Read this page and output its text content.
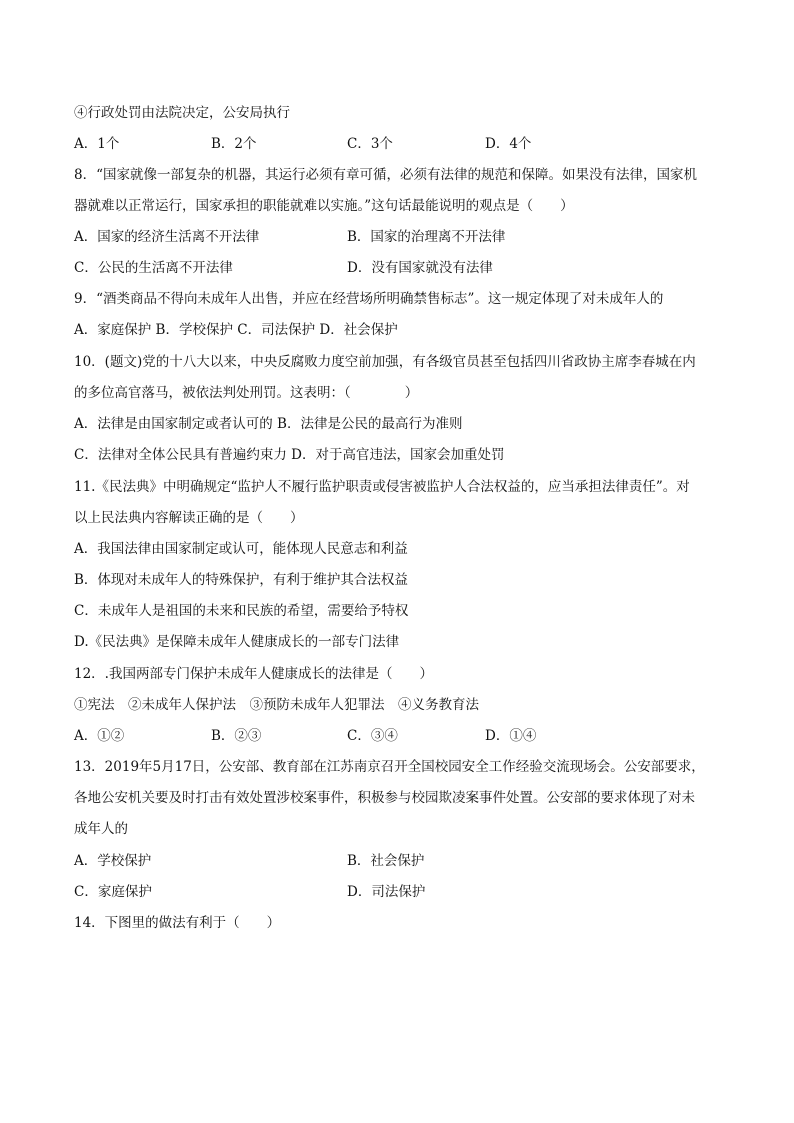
④行政处罚由法院决定，公安局执行
A．1个	B．2个	C．3个	D．4个
8．“国家就像一部复杂的机器，其运行必须有章可循，必须有法律的规范和保障。如果没有法律，国家机
器就难以正常运行，国家承担的职能就难以实施。”这句话最能说明的观点是（　　）
A．国家的经济生活离不开法律	B．国家的治理离不开法律
C．公民的生活离不开法律	D．没有国家就没有法律
9．“酒类商品不得向未成年人出售，并应在经营场所明确禁售标志”。这一规定体现了对未成年人的
A．家庭保护 B．学校保护 C．司法保护 D．社会保护
10．(题文)党的十八大以来，中央反腐败力度空前加强，有各级官员甚至包括四川省政协主席李春城在内
的多位高官落马，被依法判处刑罚。这表明：（　　　　）
A．法律是由国家制定或者认可的 B．法律是公民的最高行为准则
C．法律对全体公民具有普遍约束力 D．对于高官违法，国家会加重处罚
11.《民法典》中明确规定“监护人不履行监护职责或侵害被监护人合法权益的，应当承担法律责任”。对
以上民法典内容解读正确的是（　　）
A．我国法律由国家制定或认可，能体现人民意志和利益
B．体现对未成年人的特殊保护，有利于维护其合法权益
C．未成年人是祖国的未来和民族的希望，需要给予特权
D.《民法典》是保障未成年人健康成长的一部专门法律
12．.我国两部专门保护未成年人健康成长的法律是（　　）
①宪法　②未成年人保护法　③预防未成年人犯罪法　④义务教育法
A．①②	B．②③	C．③④	D．①④
13．2019年5月17日，公安部、教育部在江苏南京召开全国校园安全工作经验交流现场会。公安部要求，
各地公安机关要及时打击有效处置涉校案事件，积极参与校园欺凌案事件处置。公安部的要求体现了对未
成年人的
A．学校保护	B．社会保护
C．家庭保护	D．司法保护
14．下图里的做法有利于（　　）
